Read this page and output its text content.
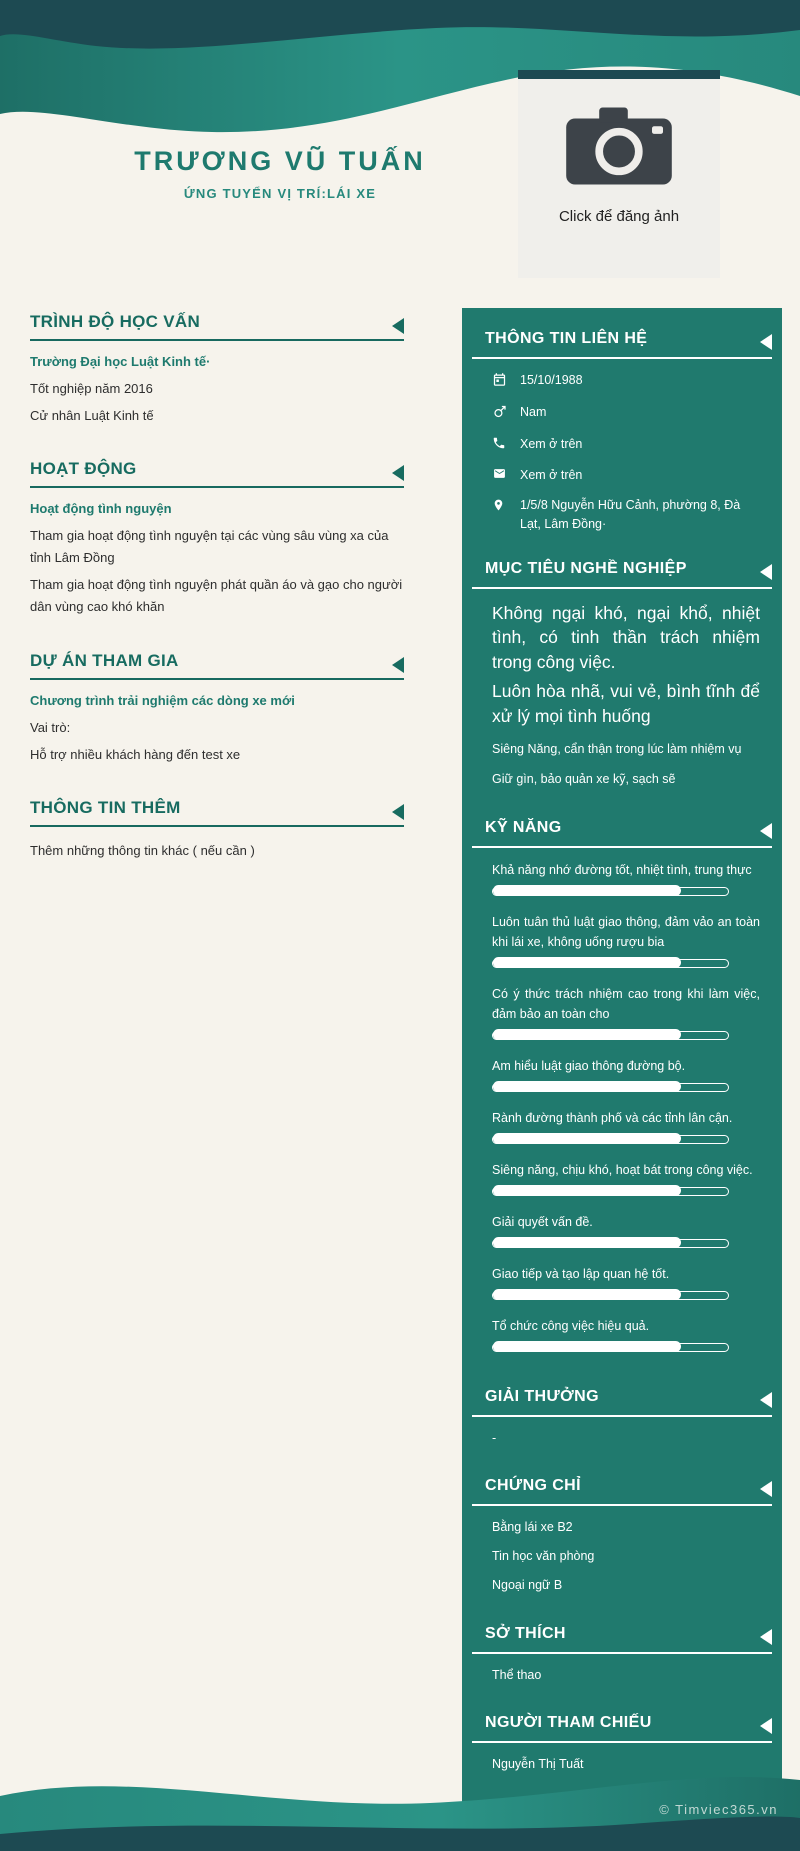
TRƯƠNG VŨ TUẤN
ỨNG TUYỂN VỊ TRÍ:LÁI XE
Click để đăng ảnh
TRÌNH ĐỘ HỌC VẤN
Trường Đại học Luật Kinh tế·

Tốt nghiệp năm 2016

Cử nhân Luật Kinh tế

HOẠT ĐỘNG
Hoạt động tình nguyện

Tham gia hoạt động tình nguyện tại các vùng sâu vùng xa của tỉnh Lâm Đồng

Tham gia hoạt động tình nguyện phát quần áo và gạo cho người dân vùng cao khó khăn

DỰ ÁN THAM GIA
Chương trình trải nghiệm các dòng xe mới

Vai trò:

Hỗ trợ nhiều khách hàng đến test xe

THÔNG TIN THÊM

Thêm những thông tin khác ( nếu cần )

THÔNG TIN LIÊN HỆ
15/10/1988
Nam
Xem ở trên
Xem ở trên
1/5/8 Nguyễn Hữu Cảnh, phường 8, Đà Lạt, Lâm Đồng·
MỤC TIÊU NGHỀ NGHIỆP

Không ngại khó, ngại khổ, nhiệt tình, có tinh thần trách nhiệm trong công việc.

Luôn hòa nhã, vui vẻ, bình tĩnh để xử lý mọi tình huống

Siêng Năng, cẩn thận trong lúc làm nhiệm vụ

Giữ gìn, bảo quản xe kỹ, sạch sẽ

KỸ NĂNG
Khả năng nhớ đường tốt, nhiệt tình, trung thực
Luôn tuân thủ luật giao thông, đảm vảo an toàn khi lái xe, không uống rượu bia
Có ý thức trách nhiệm cao trong khi làm việc, đảm bảo an toàn cho
Am hiểu luật giao thông đường bộ.
Rành đường thành phố và các tỉnh lân cận.
Siêng năng, chịu khó, hoạt bát trong công việc.
Giải quyết vấn đề.
Giao tiếp và tạo lập quan hệ tốt.
Tổ chức công việc hiệu quả.
GIẢI THƯỞNG

-

CHỨNG CHỈ

Bằng lái xe B2

Tin học văn phòng

Ngoại ngữ B

SỞ THÍCH

Thể thao

NGƯỜI THAM CHIẾU

Nguyễn Thị Tuất

© Timviec365.vn
